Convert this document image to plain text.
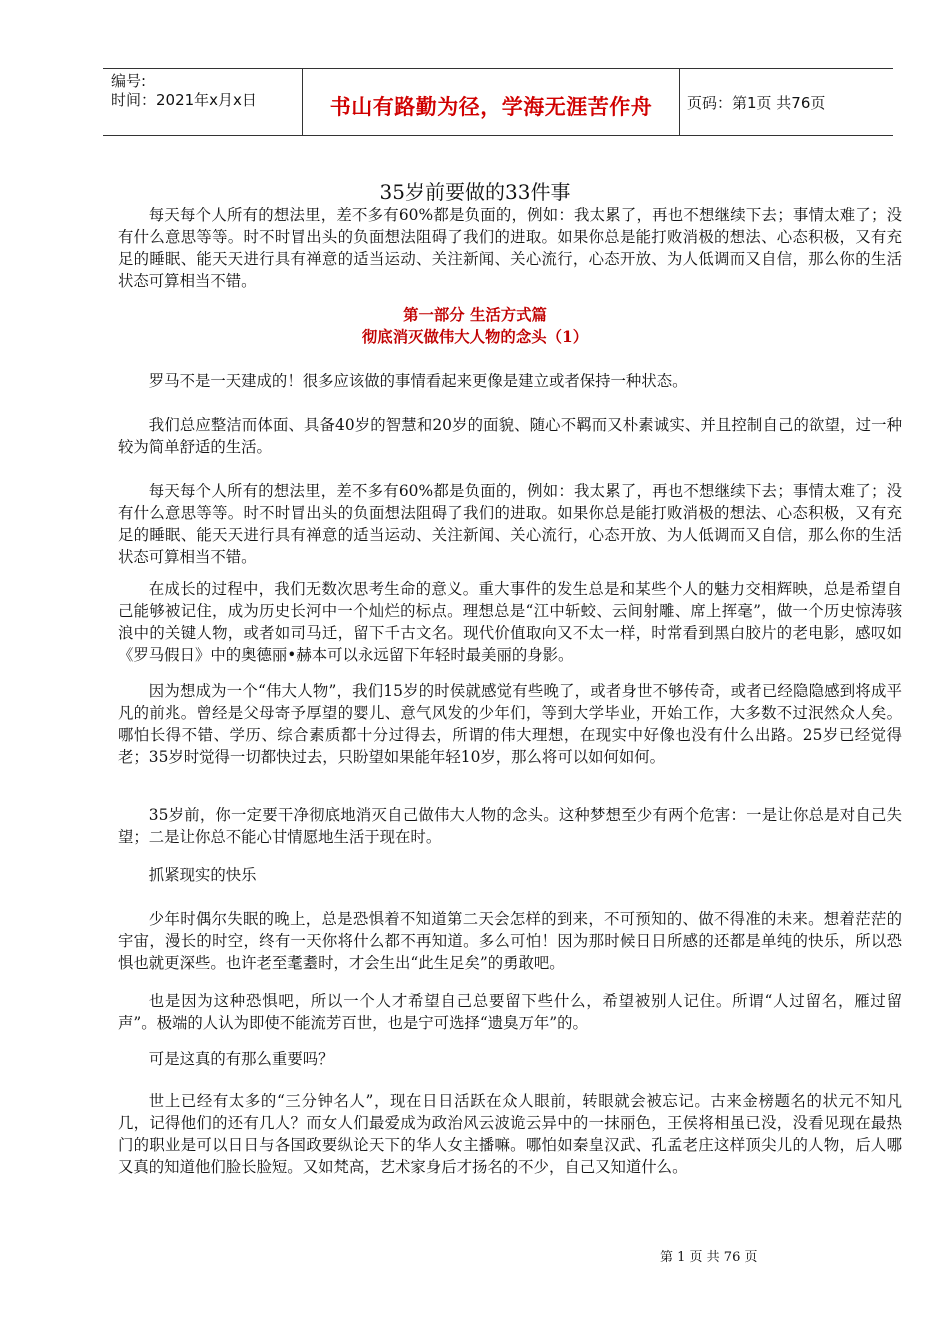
编号:
时间：2021年x月x日	书山有路勤为径，学海无涯苦作舟 页码：第1页 共76页
35岁前要做的33件事

每天每个人所有的想法里，差不多有60%都是负面的，例如：我太累了，再也不想继续下去；事情太难了；没有什么意思等等。时不时冒出头的负面想法阻碍了我们的进取。如果你总是能打败消极的想法、心态积极，又有充足的睡眠、能天天进行具有禅意的适当运动、关注新闻、关心流行，心态开放、为人低调而又自信，那么你的生活状态可算相当不错。

第一部分 生活方式篇
彻底消灭做伟大人物的念头（1）

罗马不是一天建成的！很多应该做的事情看起来更像是建立或者保持一种状态。

我们总应整洁而体面、具备40岁的智慧和20岁的面貌、随心不羁而又朴素诚实、并且控制自己的欲望，过一种较为简单舒适的生活。

每天每个人所有的想法里，差不多有60%都是负面的，例如：我太累了，再也不想继续下去；事情太难了；没有什么意思等等。时不时冒出头的负面想法阻碍了我们的进取。如果你总是能打败消极的想法、心态积极，又有充足的睡眠、能天天进行具有禅意的适当运动、关注新闻、关心流行，心态开放、为人低调而又自信，那么你的生活状态可算相当不错。

在成长的过程中，我们无数次思考生命的意义。重大事件的发生总是和某些个人的魅力交相辉映，总是希望自己能够被记住，成为历史长河中一个灿烂的标点。理想总是“江中斩蛟、云间射雕、席上挥毫”，做一个历史惊涛骇浪中的关键人物，或者如司马迁，留下千古文名。现代价值取向又不太一样，时常看到黑白胶片的老电影，感叹如《罗马假日》中的奥德丽•赫本可以永远留下年轻时最美丽的身影。

因为想成为一个“伟大人物”，我们15岁的时侯就感觉有些晚了，或者身世不够传奇，或者已经隐隐感到将成平凡的前兆。曾经是父母寄予厚望的婴儿、意气风发的少年们，等到大学毕业，开始工作，大多数不过泯然众人矣。哪怕长得不错、学历、综合素质都十分过得去，所谓的伟大理想，在现实中好像也没有什么出路。25岁已经觉得老；35岁时觉得一切都快过去，只盼望如果能年轻10岁，那么将可以如何如何。

35岁前，你一定要干净彻底地消灭自己做伟大人物的念头。这种梦想至少有两个危害：一是让你总是对自己失望；二是让你总不能心甘情愿地生活于现在时。

抓紧现实的快乐

少年时偶尔失眠的晚上，总是恐惧着不知道第二天会怎样的到来，不可预知的、做不得准的未来。想着茫茫的宇宙，漫长的时空，终有一天你将什么都不再知道。多么可怕！因为那时候日日所感的还都是单纯的快乐，所以恐惧也就更深些。也许老至耄耋时，才会生出“此生足矣”的勇敢吧。

也是因为这种恐惧吧，所以一个人才希望自己总要留下些什么，希望被别人记住。所谓“人过留名，雁过留声”。极端的人认为即使不能流芳百世，也是宁可选择“遗臭万年”的。

可是这真的有那么重要吗？

世上已经有太多的“三分钟名人”，现在日日活跃在众人眼前，转眼就会被忘记。古来金榜题名的状元不知凡几，记得他们的还有几人？而女人们最爱成为政治风云波诡云异中的一抹丽色，王侯将相虽已没，没看见现在最热门的职业是可以日日与各国政要纵论天下的华人女主播嘛。哪怕如秦皇汉武、孔孟老庄这样顶尖儿的人物，后人哪又真的知道他们脸长脸短。又如梵高，艺术家身后才扬名的不少，自己又知道什么。

第 1 页 共 76 页
